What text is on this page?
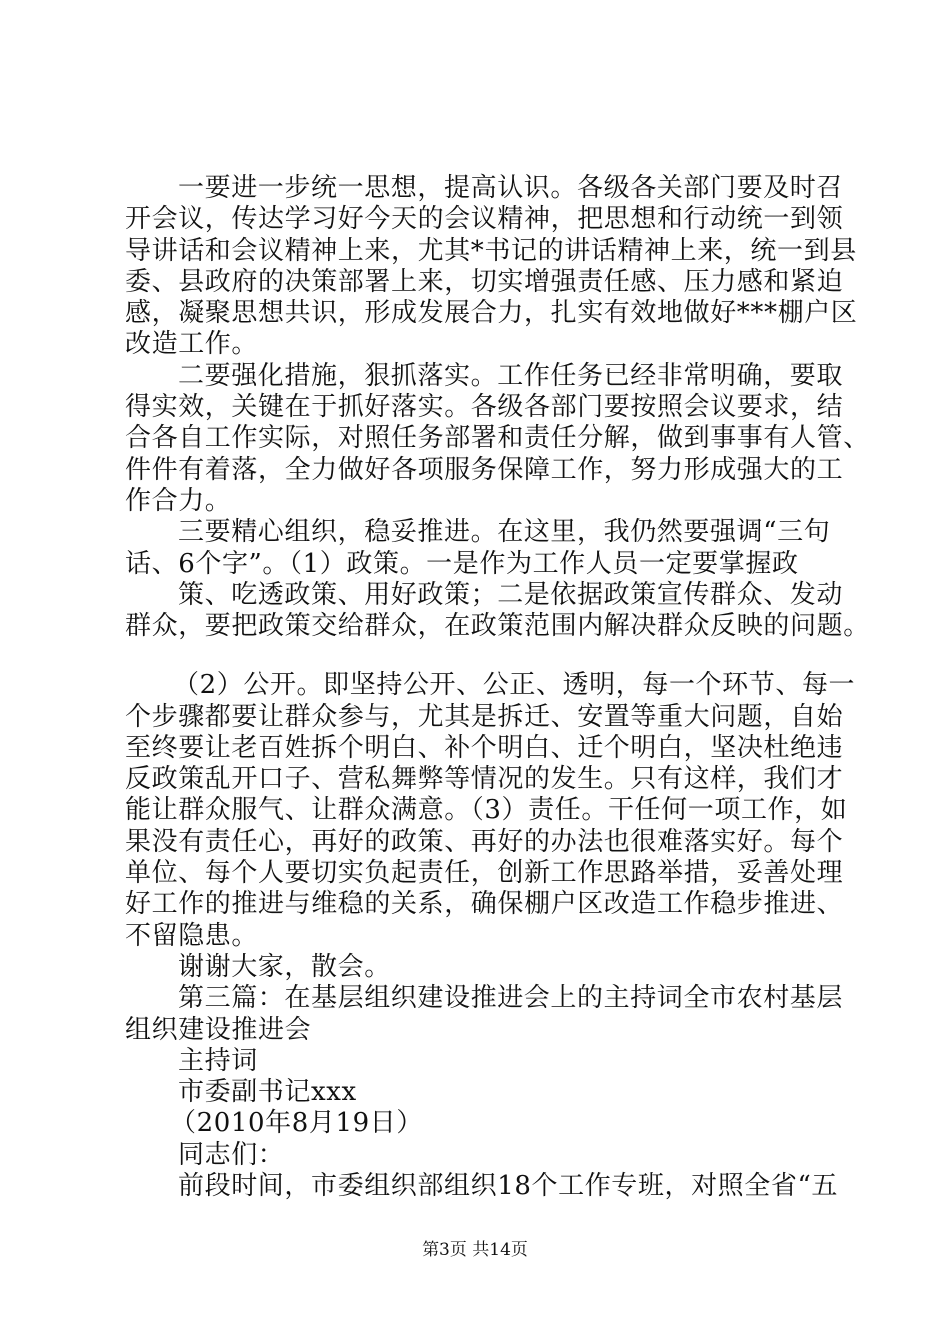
一要进一步统一思想，提高认识。各级各关部门要及时召
开会议，传达学习好今天的会议精神，把思想和行动统一到领
导讲话和会议精神上来，尤其*书记的讲话精神上来，统一到县
委、县政府的决策部署上来，切实增强责任感、压力感和紧迫
感，凝聚思想共识，形成发展合力，扎实有效地做好***棚户区
改造工作。
二要强化措施，狠抓落实。工作任务已经非常明确，要取
得实效，关键在于抓好落实。各级各部门要按照会议要求，结
合各自工作实际，对照任务部署和责任分解，做到事事有人管、
件件有着落，全力做好各项服务保障工作，努力形成强大的工
作合力。
三要精心组织，稳妥推进。在这里，我仍然要强调“三句
话、6个字”。（1）政策。一是作为工作人员一定要掌握政
策、吃透政策、用好政策；二是依据政策宣传群众、发动
群众，要把政策交给群众，在政策范围内解决群众反映的问题。
（2）公开。即坚持公开、公正、透明，每一个环节、每一
个步骤都要让群众参与，尤其是拆迁、安置等重大问题，自始
至终要让老百姓拆个明白、补个明白、迁个明白，坚决杜绝违
反政策乱开口子、营私舞弊等情况的发生。只有这样，我们才
能让群众服气、让群众满意。（3）责任。干任何一项工作，如
果没有责任心，再好的政策、再好的办法也很难落实好。每个
单位、每个人要切实负起责任，创新工作思路举措，妥善处理
好工作的推进与维稳的关系，确保棚户区改造工作稳步推进、
不留隐患。
谢谢大家，散会。
第三篇：在基层组织建设推进会上的主持词全市农村基层
组织建设推进会
主持词
市委副书记xxx
（2010年8月19日）
同志们：
前段时间，市委组织部组织18个工作专班，对照全省“五
第3页 共14页
